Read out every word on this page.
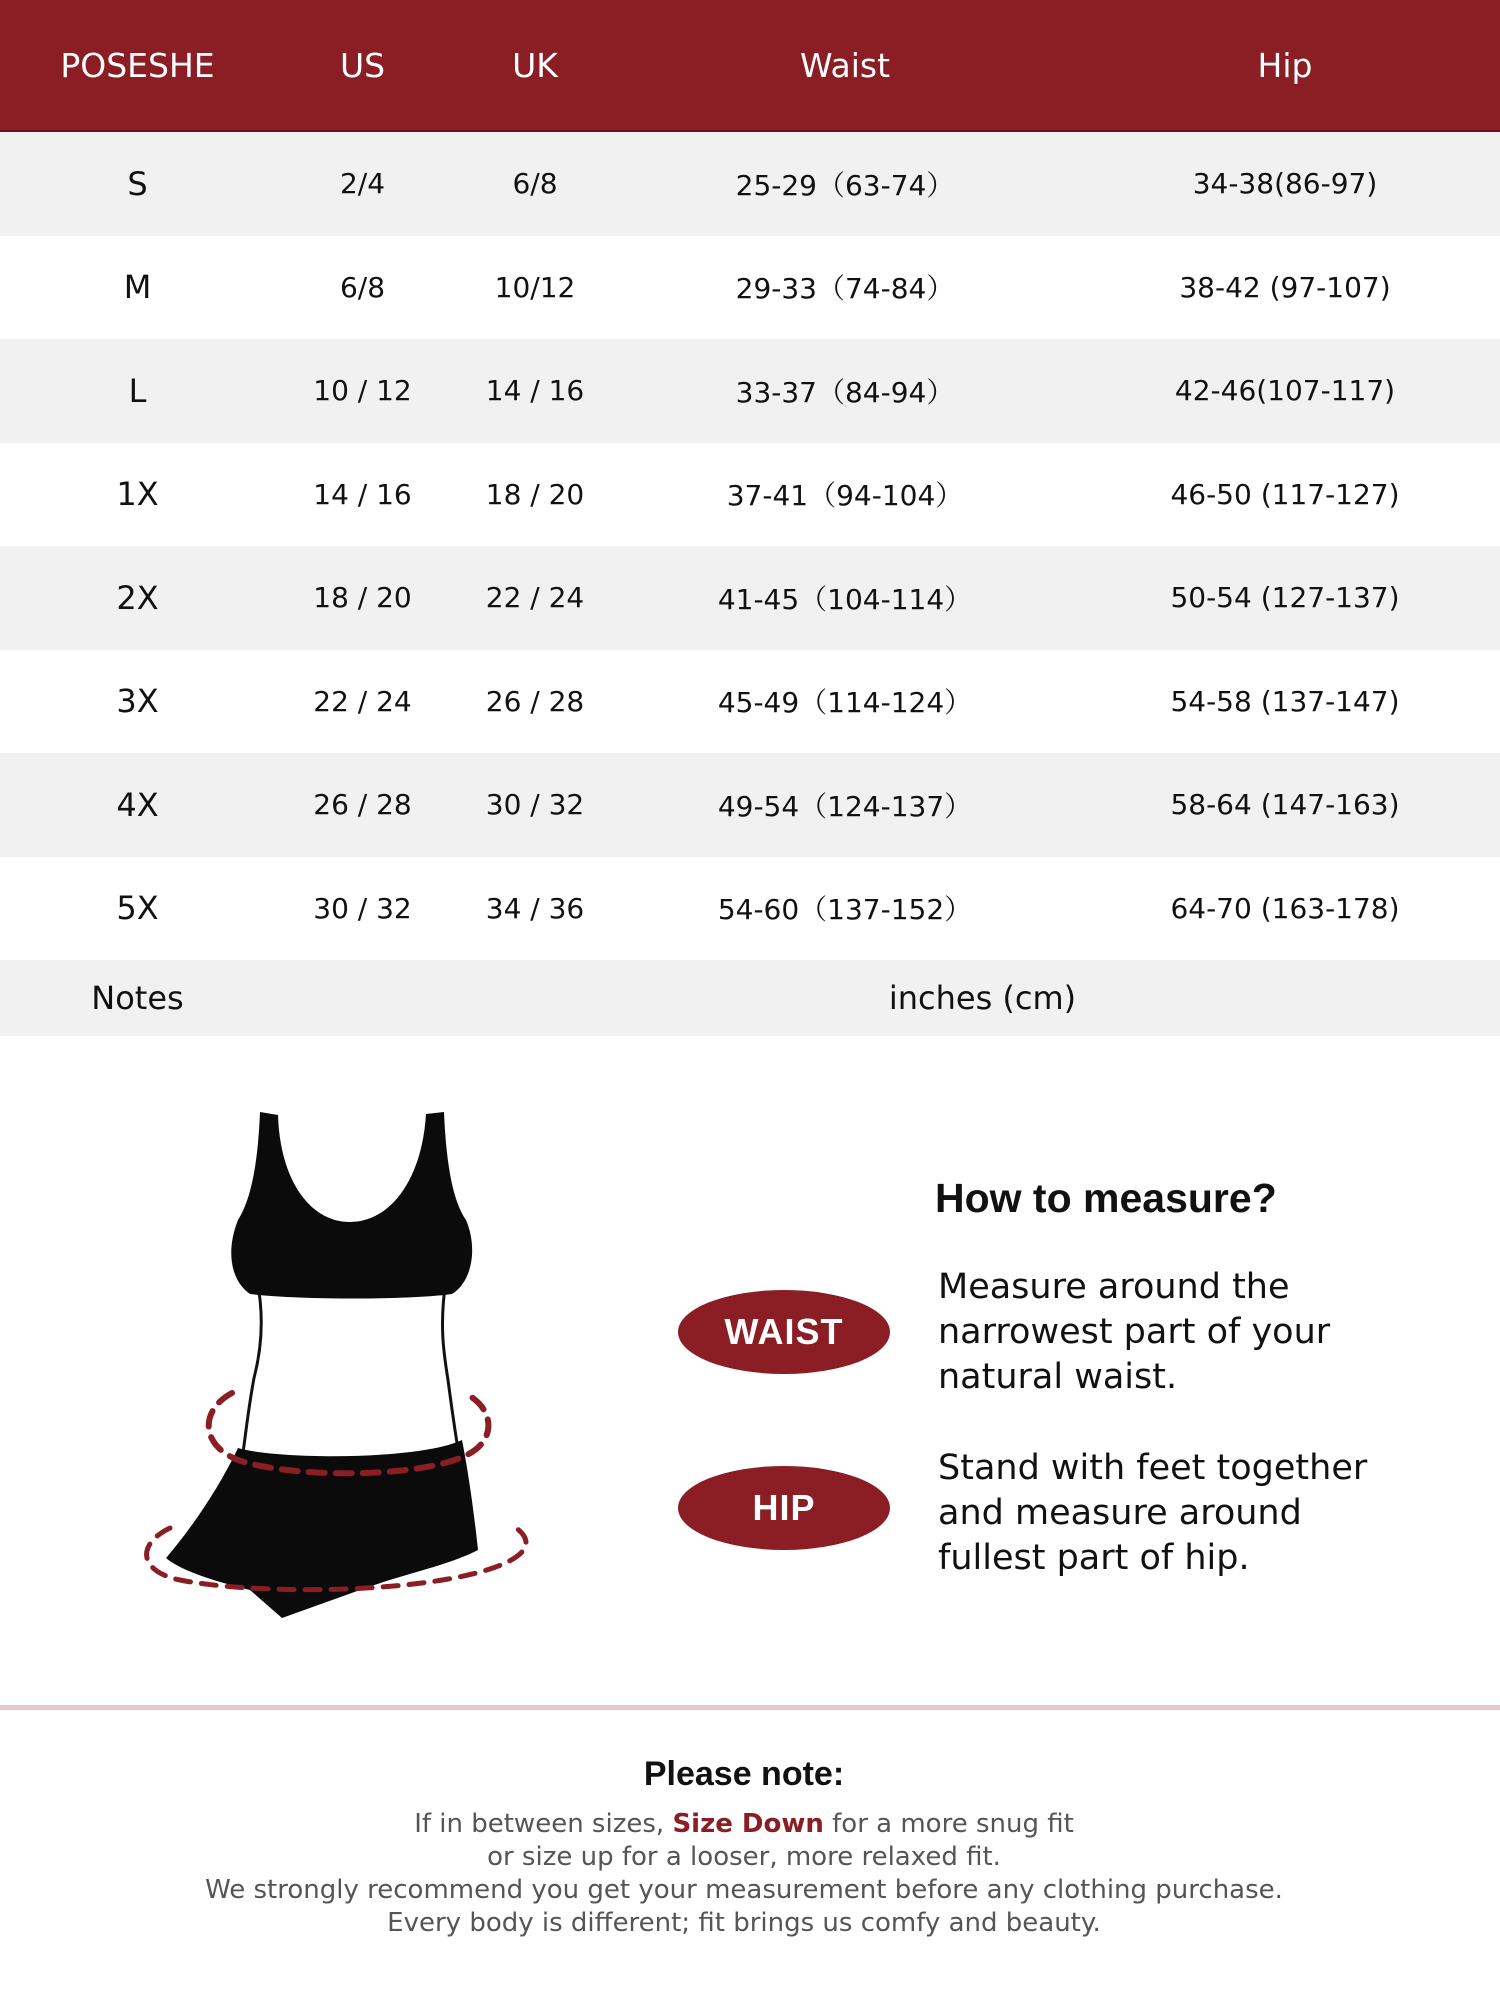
POSESHE	US	UK	Waist	Hip
S	2/4	6/8	25-29（63-74）	34-38(86-97)
M	6/8	10/12	29-33（74-84）	38-42 (97-107)
L	10 / 12	14 / 16	33-37（84-94）	42-46(107-117)
1X	14 / 16	18 / 20	37-41（94-104）	46-50 (117-127)
2X	18 / 20	22 / 24	41-45（104-114）	50-54 (127-137)
3X	22 / 24	26 / 28	45-49（114-124）	54-58 (137-147)
4X	26 / 28	30 / 32	49-54（124-137）	58-64 (147-163)
5X	30 / 32	34 / 36	54-60（137-152）	64-70 (163-178)
Notes	inches (cm)			
WAIST
HIP
How to measure?
Measure around the
narrowest part of your
natural waist.
Stand with feet together
and measure around
fullest part of hip.
Please note:
If in between sizes, Size Down for a more snug fit
or size up for a looser, more relaxed fit.
We strongly recommend you get your measurement before any clothing purchase.
Every body is different; fit brings us comfy and beauty.
